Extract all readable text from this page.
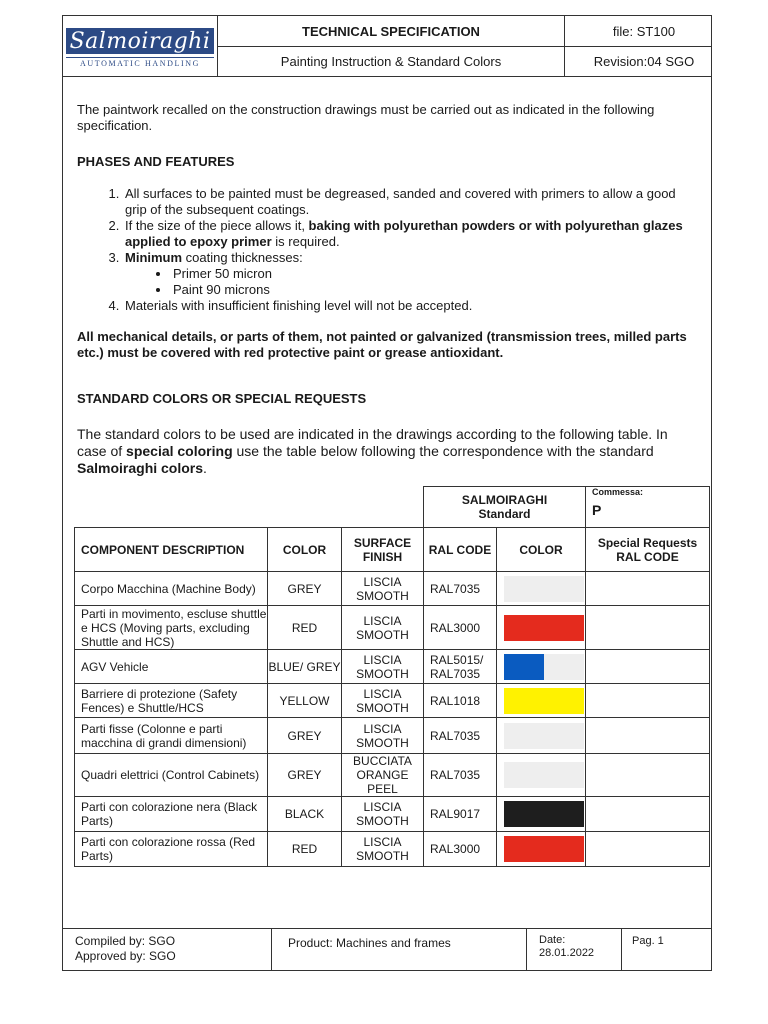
Salmoiraghi
AUTOMATIC HANDLING
TECHNICAL SPECIFICATION
Painting Instruction & Standard Colors
file: ST100
Revision:04 SGO

The paintwork recalled on the construction drawings must be carried out as indicated in the following specification.

PHASES AND FEATURES
1. All surfaces to be painted must be degreased, sanded and covered with primers to allow a good grip of the subsequent coatings.
2. If the size of the piece allows it, baking with polyurethan powders or with polyurethan glazes applied to epoxy primer is required.
3. Minimum coating thicknesses:
• Primer 50 micron
• Paint 90 microns
4. Materials with insufficient finishing level will not be accepted.

All mechanical details, or parts of them, not painted or galvanized (transmission trees, milled parts etc.) must be covered with red protective paint or grease antioxidant.

STANDARD COLORS OR SPECIAL REQUESTS

The standard colors to be used are indicated in the drawings according to the following table. In case of special coloring use the table below following the correspondence with the standard Salmoiraghi colors.

			SALMOIRAGHI Standard		Commessa:
P

COMPONENT DESCRIPTION	COLOR	SURFACE FINISH	RAL CODE	COLOR	Special Requests RAL CODE
Corpo Macchina (Machine Body)	GREY	LISCIA SMOOTH	RAL7035	

Parti in movimento, escluse shuttle e HCS (Moving parts, excluding Shuttle and HCS)	RED	LISCIA SMOOTH	RAL3000	

AGV Vehicle	BLUE/ GREY	LISCIA SMOOTH	RAL5015/ RAL7035	

Barriere di protezione (Safety Fences) e Shuttle/HCS	YELLOW	LISCIA SMOOTH	RAL1018	

Parti fisse (Colonne e parti macchina di grandi dimensioni)	GREY	LISCIA SMOOTH	RAL7035	

Quadri elettrici (Control Cabinets)	GREY	BUCCIATA ORANGE PEEL	RAL7035	

Parti con colorazione nera (Black Parts)	BLACK	LISCIA SMOOTH	RAL9017	

Parti con colorazione rossa (Red Parts)	RED	LISCIA SMOOTH	RAL3000	

Compiled by: SGO
Approved by: SGO
Product: Machines and frames	Date:
28.01.2022
Pag. 1
